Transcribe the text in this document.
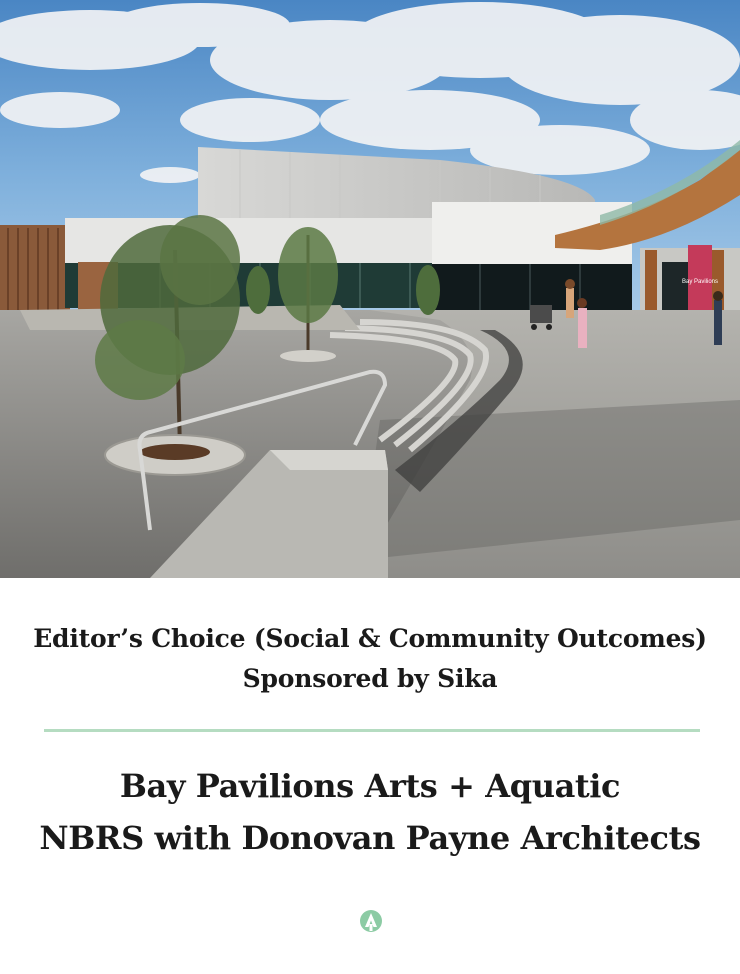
Bay Pavilions
Editor’s Choice (Social & Community Outcomes)
Sponsored by Sika
Bay Pavilions Arts + Aquatic
NBRS with Donovan Payne Architects
